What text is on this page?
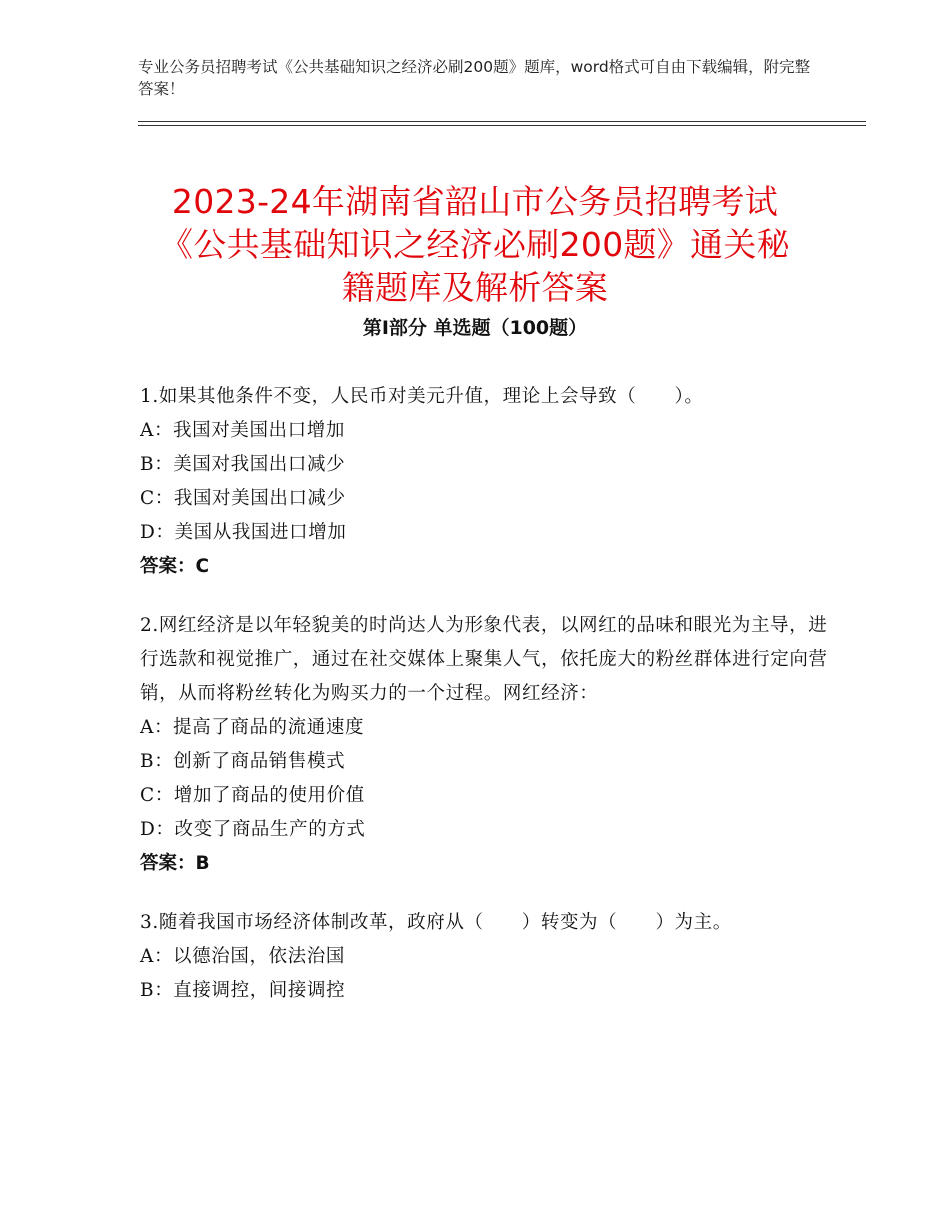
专业公务员招聘考试《公共基础知识之经济必刷200题》题库，word格式可自由下载编辑，附完整答案！
2023-24年湖南省韶山市公务员招聘考试
《公共基础知识之经济必刷200题》通关秘
籍题库及解析答案
第Ⅰ部分 单选题（100题）
1.如果其他条件不变，人民币对美元升值，理论上会导致（　　）。
A：我国对美国出口增加
B：美国对我国出口减少
C：我国对美国出口减少
D：美国从我国进口增加
答案：C
2.网红经济是以年轻貌美的时尚达人为形象代表，以网红的品味和眼光为主导，进行选款和视觉推广，通过在社交媒体上聚集人气，依托庞大的粉丝群体进行定向营销，从而将粉丝转化为购买力的一个过程。网红经济：
A：提高了商品的流通速度
B：创新了商品销售模式
C：增加了商品的使用价值
D：改变了商品生产的方式
答案：B
3.随着我国市场经济体制改革，政府从（　　）转变为（　　）为主。
A：以德治国，依法治国
B：直接调控，间接调控
